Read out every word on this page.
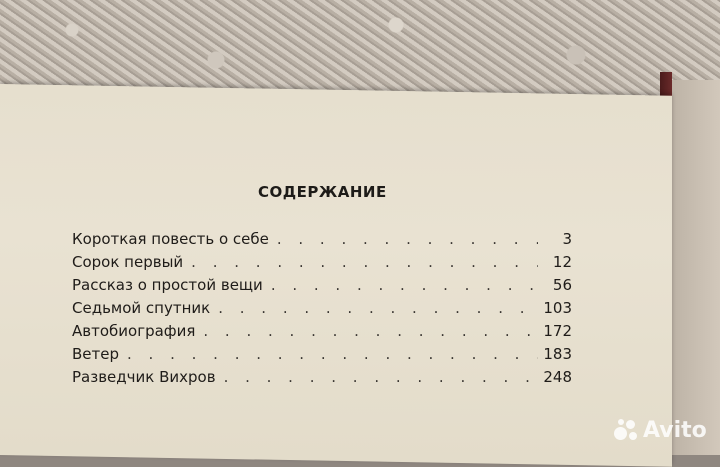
СОДЕРЖАНИЕ
Короткая повесть о себе . . .	3
Сорок первый . . .	12
Рассказ о простой вещи . . .	56
Седьмой спутник . . .	103
Автобиография . . .	172
Ветер . . .	183
Разведчик Вихров . . .	248
Avito
